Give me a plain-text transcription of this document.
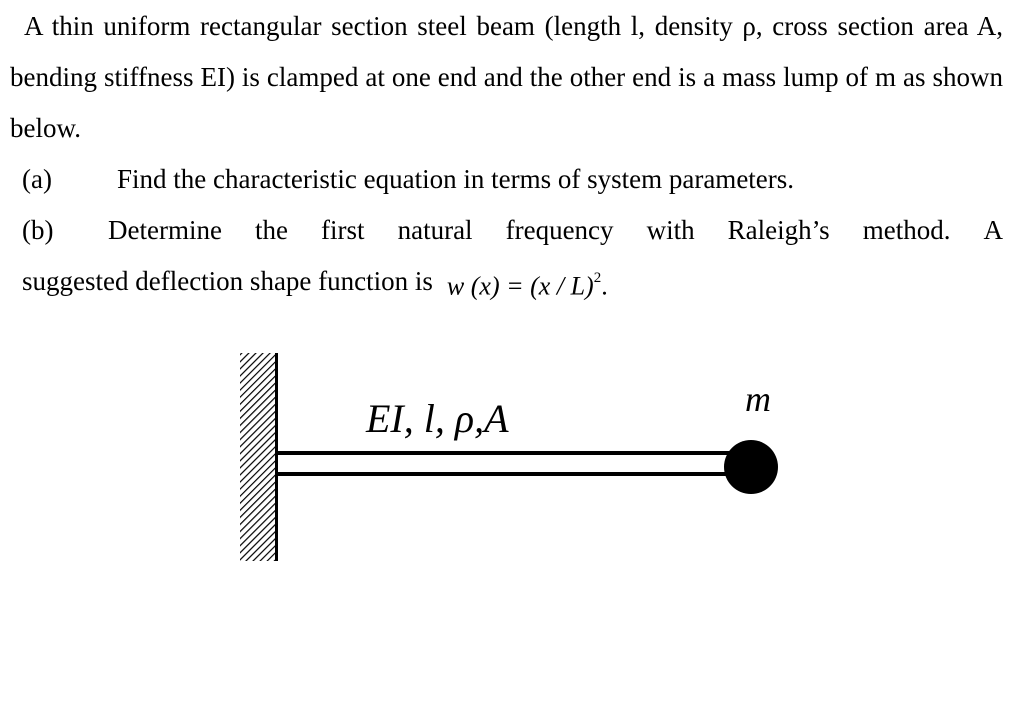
A thin uniform rectangular section steel beam (length l, density ρ, cross section area A, bending stiffness EI) is clamped at one end and the other end is a mass lump of m as shown below.

(a)	Find the characteristic equation in terms of system parameters.
(b)	Determine the first natural frequency with Raleigh’s method. A
suggested deflection shape function is w (x) = (x / L)$^2$.
EI, l, ρ,A	m
